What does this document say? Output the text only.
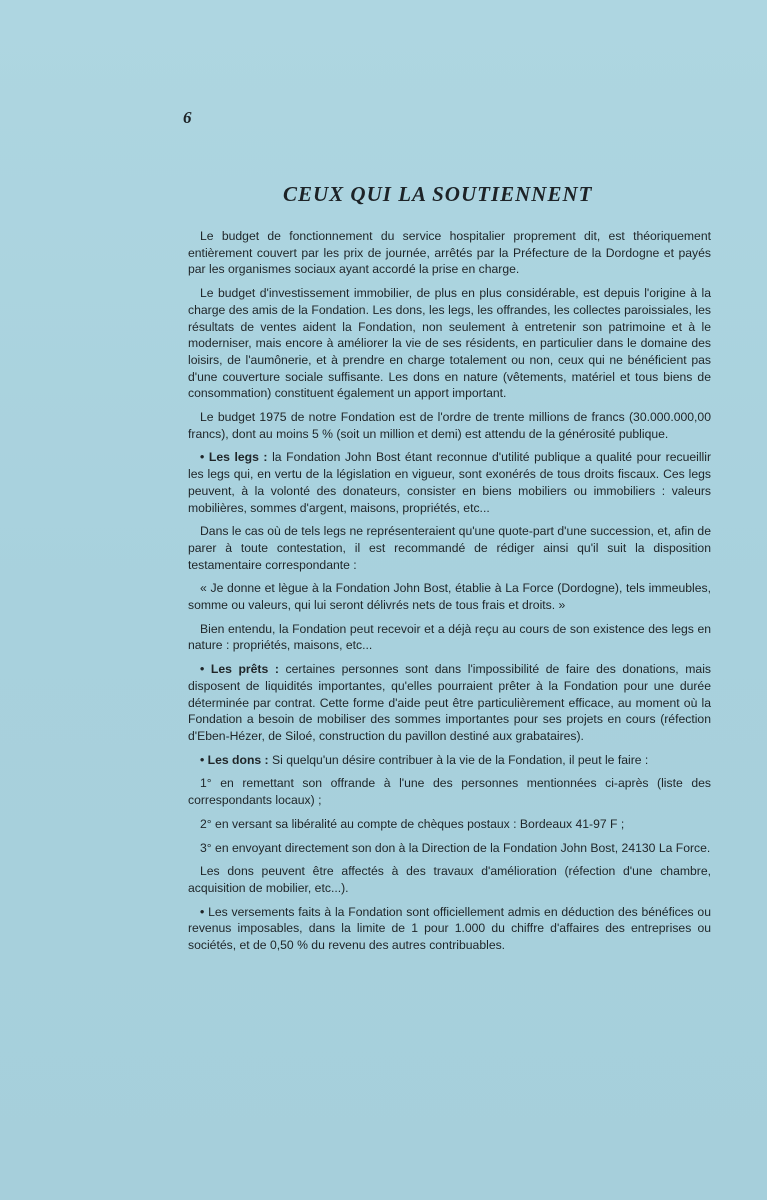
6
CEUX QUI LA SOUTIENNENT

Le budget de fonctionnement du service hospitalier proprement dit, est théoriquement entièrement couvert par les prix de journée, arrêtés par la Préfecture de la Dordogne et payés par les organismes sociaux ayant accordé la prise en charge.

Le budget d'investissement immobilier, de plus en plus considérable, est depuis l'origine à la charge des amis de la Fondation. Les dons, les legs, les offrandes, les collectes paroissiales, les résultats de ventes aident la Fondation, non seulement à entretenir son patrimoine et à le moderniser, mais encore à améliorer la vie de ses résidents, en particulier dans le domaine des loisirs, de l'aumônerie, et à prendre en charge totalement ou non, ceux qui ne bénéficient pas d'une couverture sociale suffisante. Les dons en nature (vêtements, matériel et tous biens de consommation) constituent également un apport important.

Le budget 1975 de notre Fondation est de l'ordre de trente millions de francs (30.000.000,00 francs), dont au moins 5 % (soit un million et demi) est attendu de la générosité publique.

• Les legs : la Fondation John Bost étant reconnue d'utilité publique a qualité pour recueillir les legs qui, en vertu de la législation en vigueur, sont exonérés de tous droits fiscaux. Ces legs peuvent, à la volonté des donateurs, consister en biens mobiliers ou immobiliers : valeurs mobilières, sommes d'argent, maisons, propriétés, etc...

Dans le cas où de tels legs ne représenteraient qu'une quote-part d'une succession, et, afin de parer à toute contestation, il est recommandé de rédiger ainsi qu'il suit la disposition testamentaire correspondante :

« Je donne et lègue à la Fondation John Bost, établie à La Force (Dordogne), tels immeubles, somme ou valeurs, qui lui seront délivrés nets de tous frais et droits. »

Bien entendu, la Fondation peut recevoir et a déjà reçu au cours de son existence des legs en nature : propriétés, maisons, etc...

• Les prêts : certaines personnes sont dans l'impossibilité de faire des donations, mais disposent de liquidités importantes, qu'elles pourraient prêter à la Fondation pour une durée déterminée par contrat. Cette forme d'aide peut être particulièrement efficace, au moment où la Fondation a besoin de mobiliser des sommes importantes pour ses projets en cours (réfection d'Eben-Hézer, de Siloé, construction du pavillon destiné aux grabataires).

• Les dons : Si quelqu'un désire contribuer à la vie de la Fondation, il peut le faire :

1° en remettant son offrande à l'une des personnes mentionnées ci-après (liste des correspondants locaux) ;

2° en versant sa libéralité au compte de chèques postaux : Bordeaux 41-97 F ;

3° en envoyant directement son don à la Direction de la Fondation John Bost, 24130 La Force.

Les dons peuvent être affectés à des travaux d'amélioration (réfection d'une chambre, acquisition de mobilier, etc...).

• Les versements faits à la Fondation sont officiellement admis en déduction des bénéfices ou revenus imposables, dans la limite de 1 pour 1.000 du chiffre d'affaires des entreprises ou sociétés, et de 0,50 % du revenu des autres contribuables.
